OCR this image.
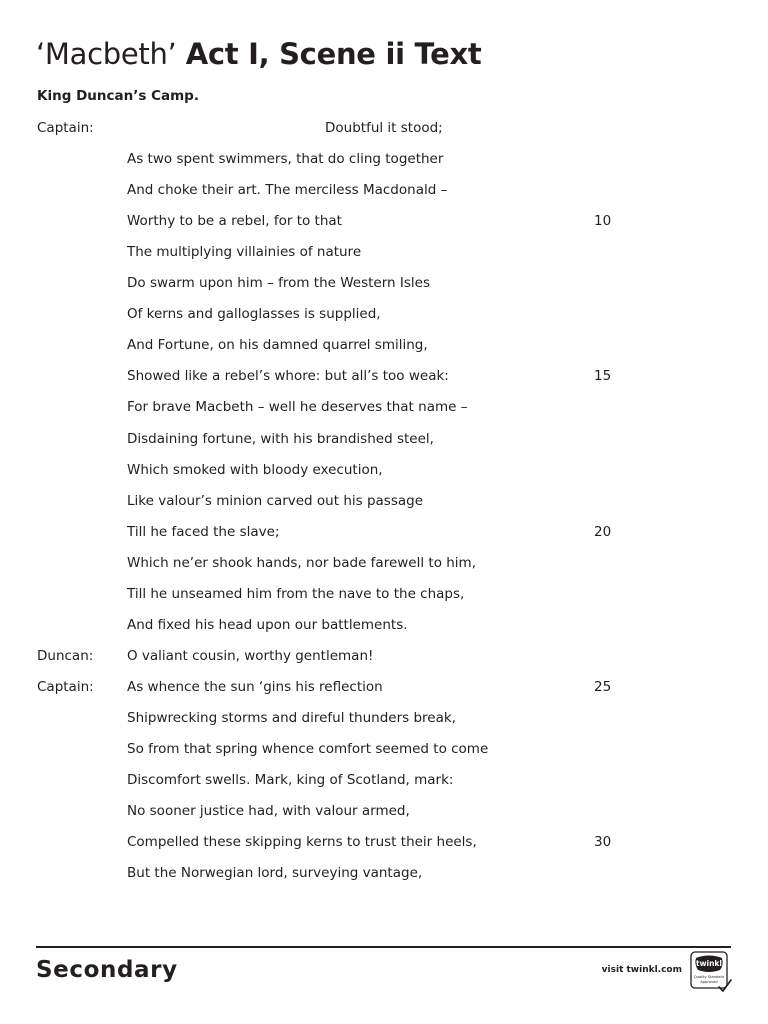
‘Macbeth’ Act I, Scene ii Text
King Duncan’s Camp.
Captain:	Doubtful it stood;
As two spent swimmers, that do cling together
And choke their art. The merciless Macdonald –
Worthy to be a rebel, for to that	10
The multiplying villainies of nature
Do swarm upon him – from the Western Isles
Of kerns and galloglasses is supplied,
And Fortune, on his damned quarrel smiling,
Showed like a rebel’s whore: but all’s too weak:	15
For brave Macbeth – well he deserves that name –
Disdaining fortune, with his brandished steel,
Which smoked with bloody execution,
Like valour’s minion carved out his passage
Till he faced the slave;	20
Which ne’er shook hands, nor bade farewell to him,
Till he unseamed him from the nave to the chaps,
And fixed his head upon our battlements.
Duncan: O valiant cousin, worthy gentleman!
Captain: As whence the sun ‘gins his reflection	25
Shipwrecking storms and direful thunders break,
So from that spring whence comfort seemed to come
Discomfort swells. Mark, king of Scotland, mark:
No sooner justice had, with valour armed,
Compelled these skipping kerns to trust their heels,	30
But the Norwegian lord, surveying vantage,
Secondary	visit twinkl.com
twinkl
Quality Standard
Approved
